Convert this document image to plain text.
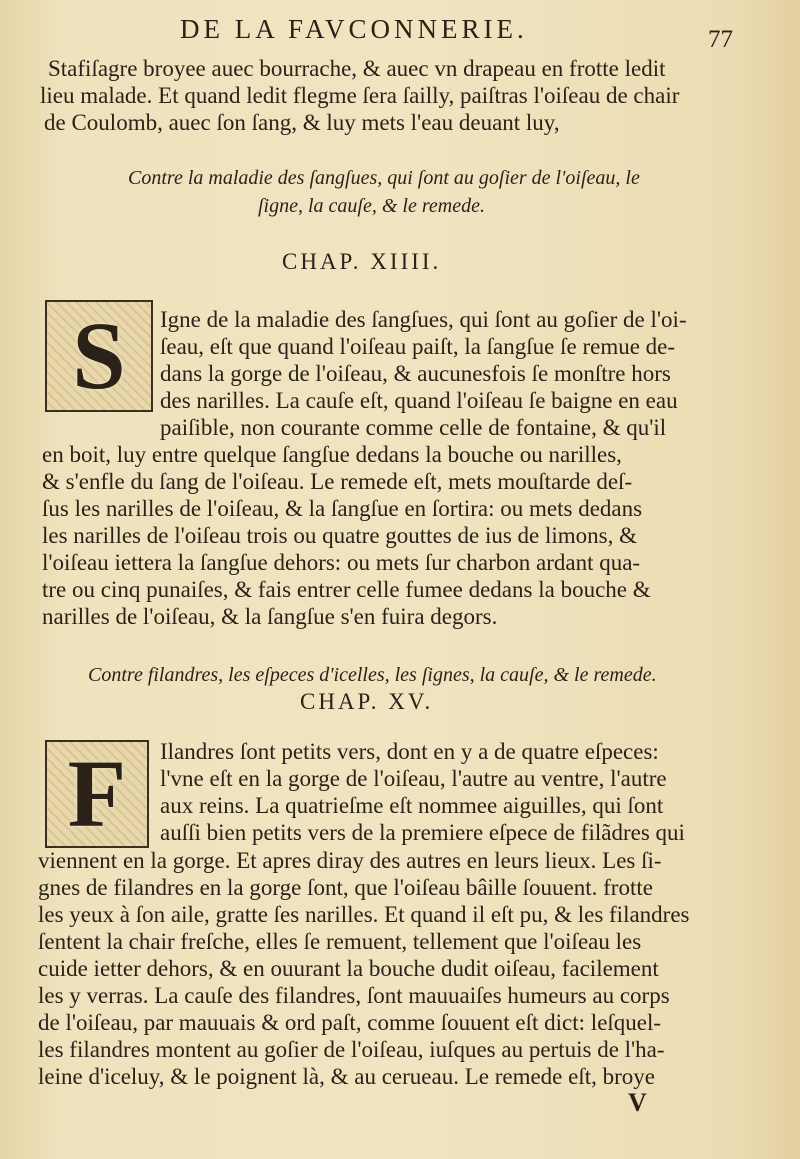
DE LA FAVCONNERIE.	77
Stafiſagre broyee auec bourrache, & auec vn drapeau en frotte ledit
lieu malade. Et quand ledit flegme ſera ſailly, paiſtras l'oiſeau de chair
de Coulomb, auec ſon ſang, & luy mets l'eau deuant luy,
Contre la maladie des ſangſues, qui ſont au goſier de l'oiſeau, le
ſigne, la cauſe, & le remede.
CHAP. XIIII.
S Igne de la maladie des ſangſues, qui ſont au goſier de l'oi-
ſeau, eſt que quand l'oiſeau paiſt, la ſangſue ſe remue de-
dans la gorge de l'oiſeau, & aucunesfois ſe monſtre hors
des narilles. La cauſe eſt, quand l'oiſeau ſe baigne en eau
paiſible, non courante comme celle de fontaine, & qu'il
en boit, luy entre quelque ſangſue dedans la bouche ou narilles,
& s'enfle du ſang de l'oiſeau. Le remede eſt, mets mouſtarde deſ-
ſus les narilles de l'oiſeau, & la ſangſue en ſortira: ou mets dedans
les narilles de l'oiſeau trois ou quatre gouttes de ius de limons, &
l'oiſeau iettera la ſangſue dehors: ou mets ſur charbon ardant qua-
tre ou cinq punaiſes, & fais entrer celle fumee dedans la bouche &
narilles de l'oiſeau, & la ſangſue s'en fuira degors.
Contre filandres, les eſpeces d'icelles, les ſignes, la cauſe, & le remede.
CHAP. XV.
F Ilandres ſont petits vers, dont en y a de quatre eſpeces:
l'vne eſt en la gorge de l'oiſeau, l'autre au ventre, l'autre
aux reins. La quatrieſme eſt nommee aiguilles, qui ſont
auſſi bien petits vers de la premiere eſpece de filãdres qui
viennent en la gorge. Et apres diray des autres en leurs lieux. Les ſi-
gnes de filandres en la gorge ſont, que l'oiſeau bâille ſouuent. frotte
les yeux à ſon aile, gratte ſes narilles. Et quand il eſt pu, & les filandres
ſentent la chair freſche, elles ſe remuent, tellement que l'oiſeau les
cuide ietter dehors, & en ouurant la bouche dudit oiſeau, facilement
les y verras. La cauſe des filandres, ſont mauuaiſes humeurs au corps
de l'oiſeau, par mauuais & ord paſt, comme ſouuent eſt dict: leſquel-
les filandres montent au goſier de l'oiſeau, iuſques au pertuis de l'ha-
leine d'iceluy, & le poignent là, & au cerueau. Le remede eſt, broye
V
